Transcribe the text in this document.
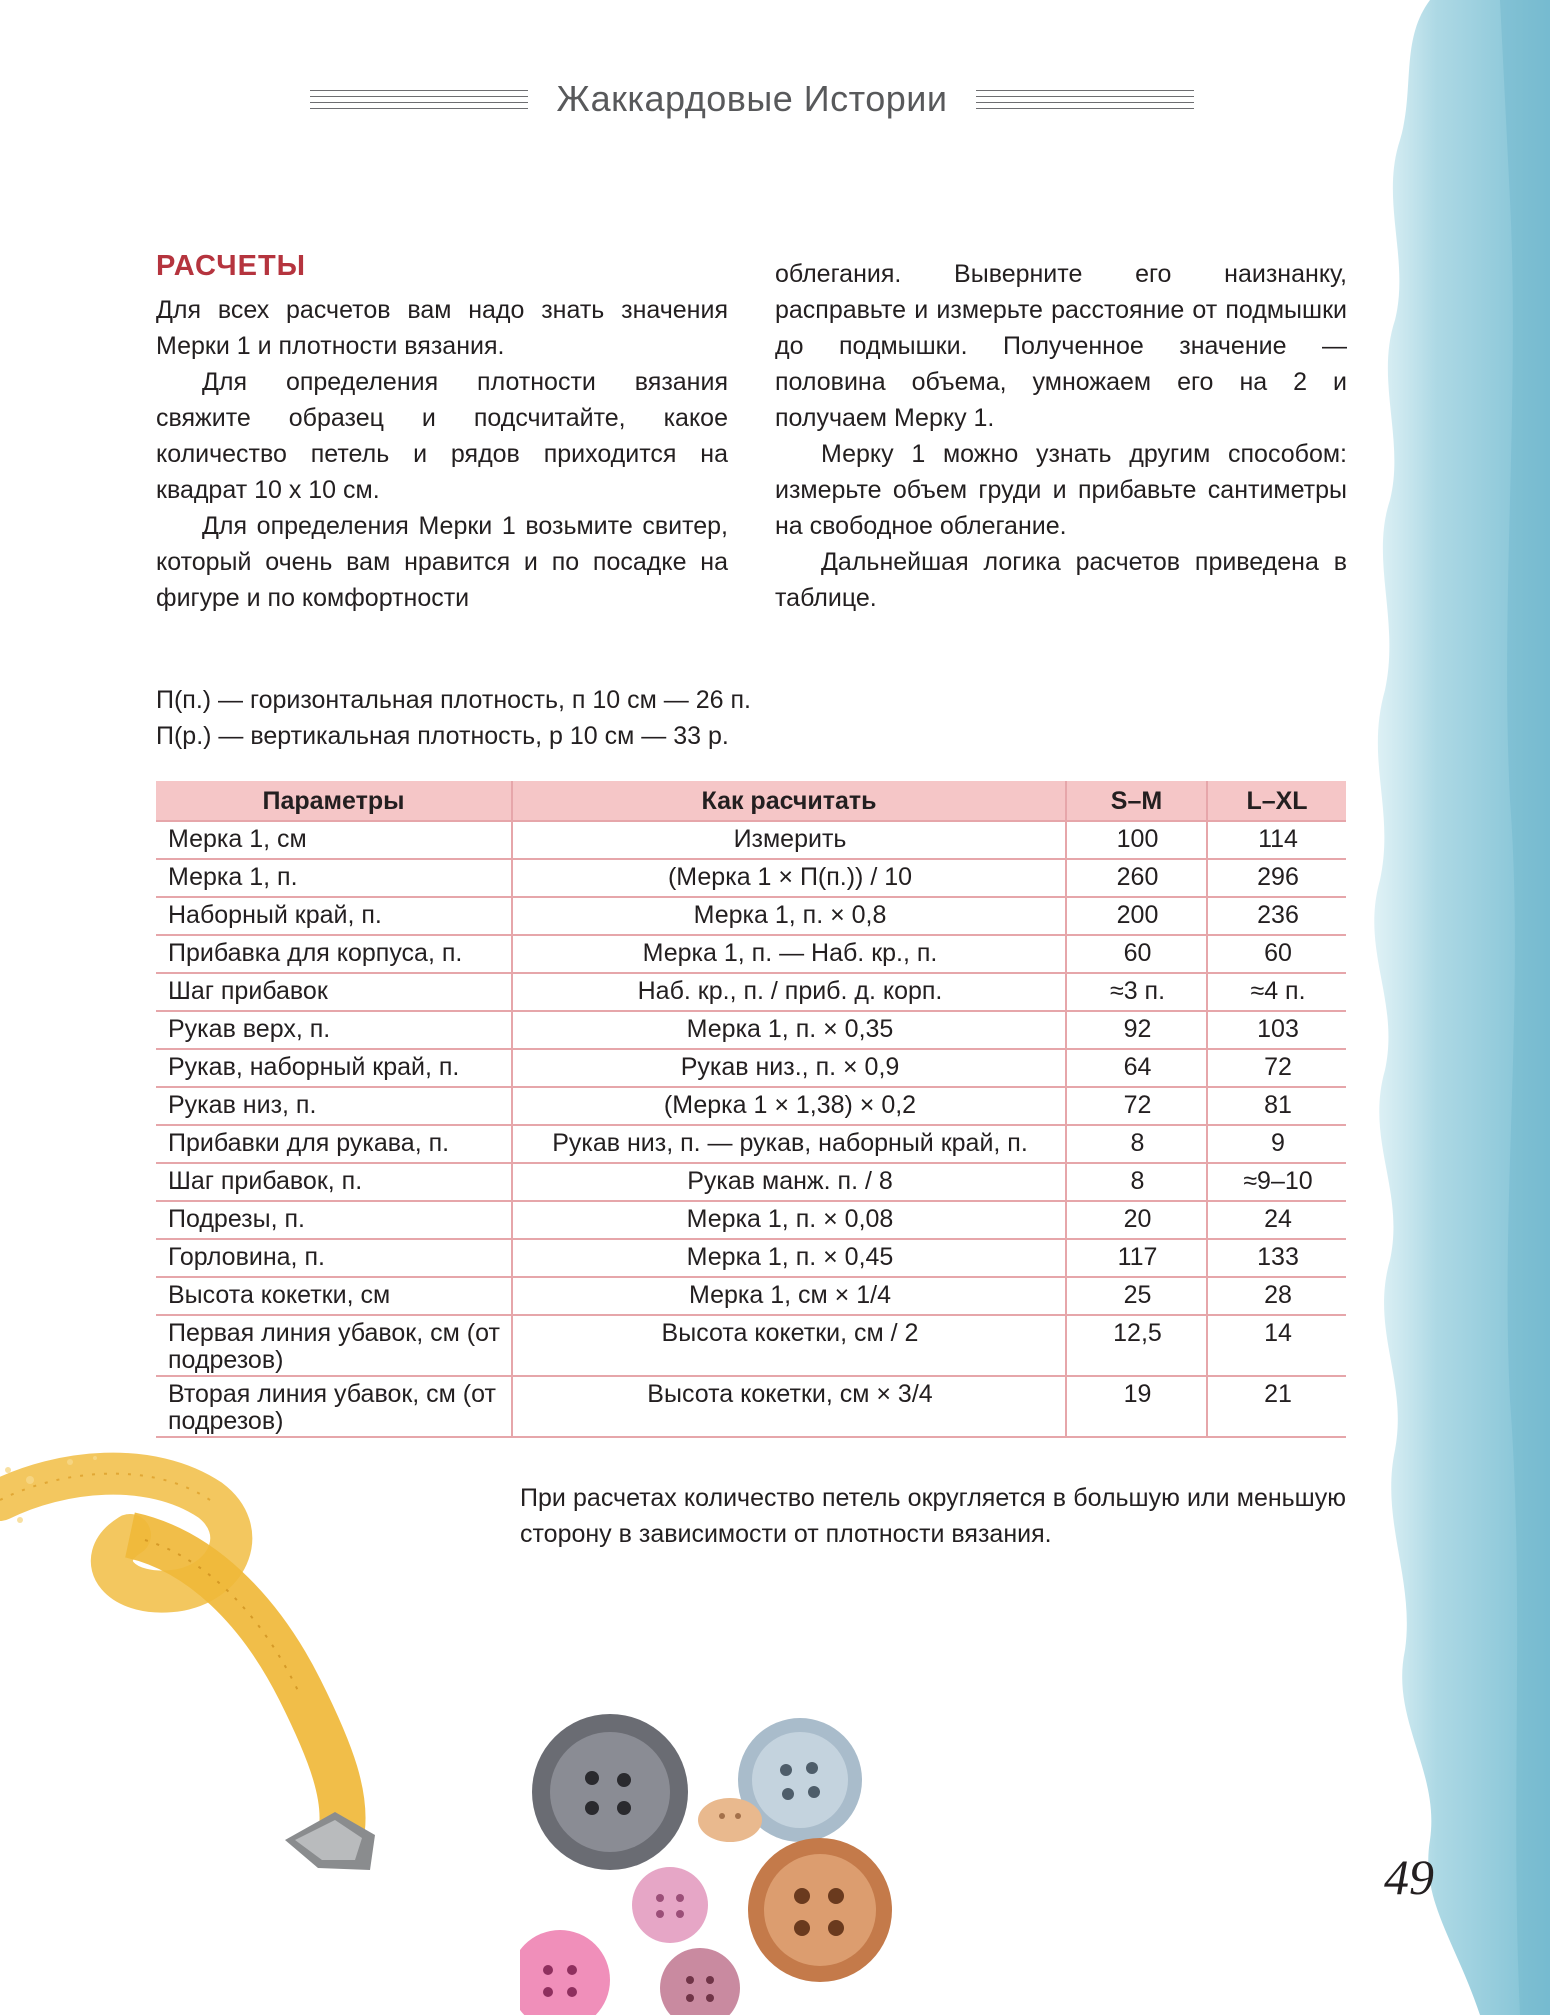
Жаккардовые Истории
РАСЧЕТЫ

Для всех расчетов вам надо знать значения Мерки 1 и плотности вязания.

Для определения плотности вязания свяжите образец и подсчитайте, какое количество петель и рядов приходится на квадрат 10 х 10 см.

Для определения Мерки 1 возьмите свитер, который очень вам нравится и по посадке на фигуре и по комфортности

облегания. Выверните его наизнанку, расправьте и измерьте расстояние от подмышки до подмышки. Полученное значение — половина объема, умножаем его на 2 и получаем Мерку 1.

Мерку 1 можно узнать другим способом: измерьте объем груди и прибавьте сантиметры на свободное облегание.

Дальнейшая логика расчетов приведена в таблице.

П(п.) — горизонтальная плотность, п 10 см — 26 п.
П(р.) — вертикальная плотность, р 10 см — 33 р.
Параметры	Как расчитать	S–M	L–XL
Мерка 1, см	Измерить	100	114
Мерка 1, п.	(Мерка 1 × П(п.)) / 10	260	296
Наборный край, п.	Мерка 1, п. × 0,8	200	236
Прибавка для корпуса, п.	Мерка 1, п. — Наб. кр., п.	60	60
Шаг прибавок	Наб. кр., п. / приб. д. корп.	≈3 п.	≈4 п.
Рукав верх, п.	Мерка 1, п. × 0,35	92	103
Рукав, наборный край, п.	Рукав низ., п. × 0,9	64	72
Рукав низ, п.	(Мерка 1 × 1,38) × 0,2	72	81
Прибавки для рукава, п.	Рукав низ, п. — рукав, наборный край, п.	8	9
Шаг прибавок, п.	Рукав манж. п. / 8	8	≈9–10
Подрезы, п.	Мерка 1, п. × 0,08	20	24
Горловина, п.	Мерка 1, п. × 0,45	117	133
Высота кокетки, см	Мерка 1, см × 1/4	25	28
Первая линия убавок, см (от подрезов)	Высота кокетки, см / 2	12,5	14
Вторая линия убавок, см (от подрезов)	Высота кокетки, см × 3/4	19	21
При расчетах количество петель округляется в большую или меньшую сторону в зависимости от плотности вязания.
49
